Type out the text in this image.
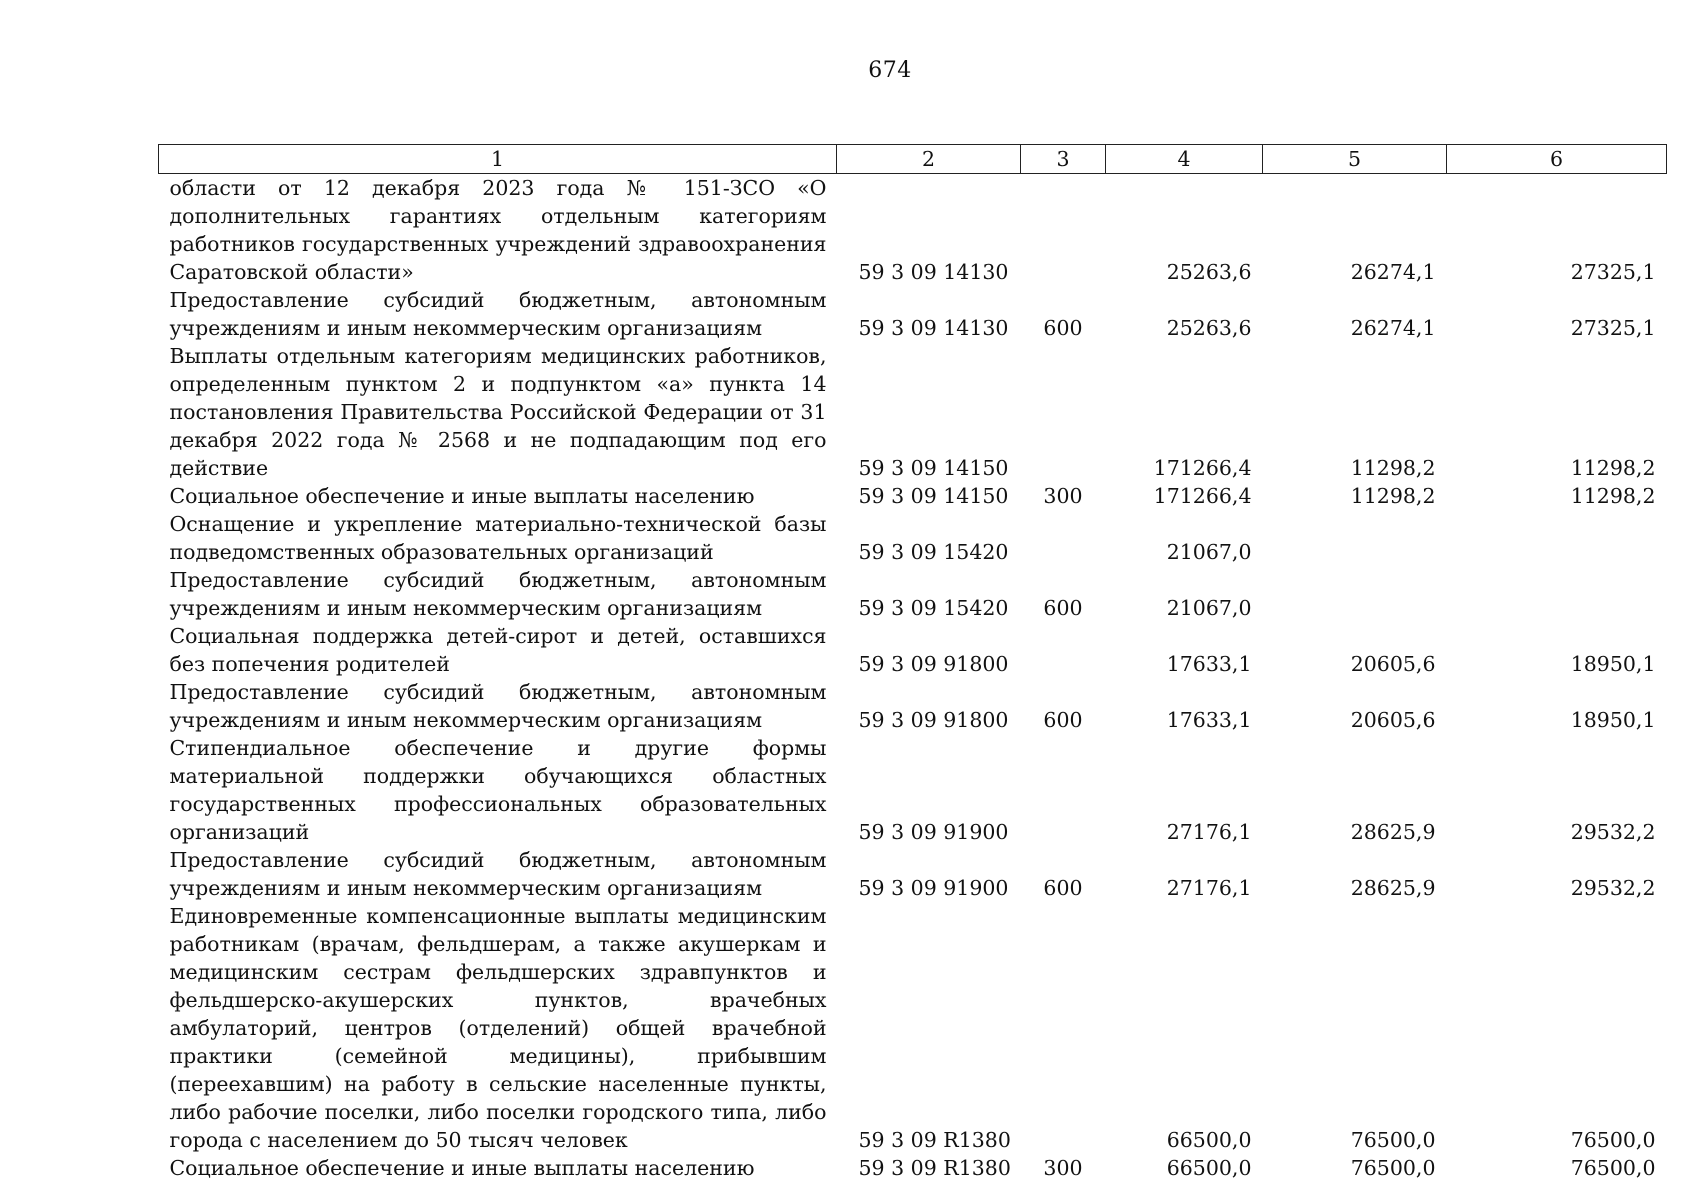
674
1	2	3	4	5	6
области от 12 декабря 2023 года № 151-ЗСО «О дополнительных гарантиях отдельным категориям работников государственных учреждений здравоохранения Саратовской области»	59 3 09 14130		25263,6	26274,1	27325,1
Предоставление субсидий бюджетным, автономным учреждениям и иным некоммерческим организациям	59 3 09 14130	600	25263,6	26274,1	27325,1
Выплаты отдельным категориям медицинских работников, определенным пунктом 2 и подпунктом «а» пункта 14 постановления Правительства Российской Федерации от 31 декабря 2022 года № 2568 и не подпадающим под его действие	59 3 09 14150		171266,4	11298,2	11298,2
Социальное обеспечение и иные выплаты населению	59 3 09 14150	300	171266,4	11298,2	11298,2
Оснащение и укрепление материально-технической базы подведомственных образовательных организаций	59 3 09 15420		21067,0		
Предоставление субсидий бюджетным, автономным учреждениям и иным некоммерческим организациям	59 3 09 15420	600	21067,0		
Социальная поддержка детей-сирот и детей, оставшихся без попечения родителей	59 3 09 91800		17633,1	20605,6	18950,1
Предоставление субсидий бюджетным, автономным учреждениям и иным некоммерческим организациям	59 3 09 91800	600	17633,1	20605,6	18950,1
Стипендиальное обеспечение и другие формы материальной поддержки обучающихся областных государственных профессиональных образовательных организаций	59 3 09 91900		27176,1	28625,9	29532,2
Предоставление субсидий бюджетным, автономным учреждениям и иным некоммерческим организациям	59 3 09 91900	600	27176,1	28625,9	29532,2
Единовременные компенсационные выплаты медицинским работникам (врачам, фельдшерам, а также акушеркам и медицинским сестрам фельдшерских здравпунктов и фельдшерско-акушерских пунктов, врачебных амбулаторий, центров (отделений) общей врачебной практики (семейной медицины), прибывшим (переехавшим) на работу в сельские населенные пункты, либо рабочие поселки, либо поселки городского типа, либо города с населением до 50 тысяч человек	59 3 09 R1380		66500,0	76500,0	76500,0
Социальное обеспечение и иные выплаты населению	59 3 09 R1380	300	66500,0	76500,0	76500,0
